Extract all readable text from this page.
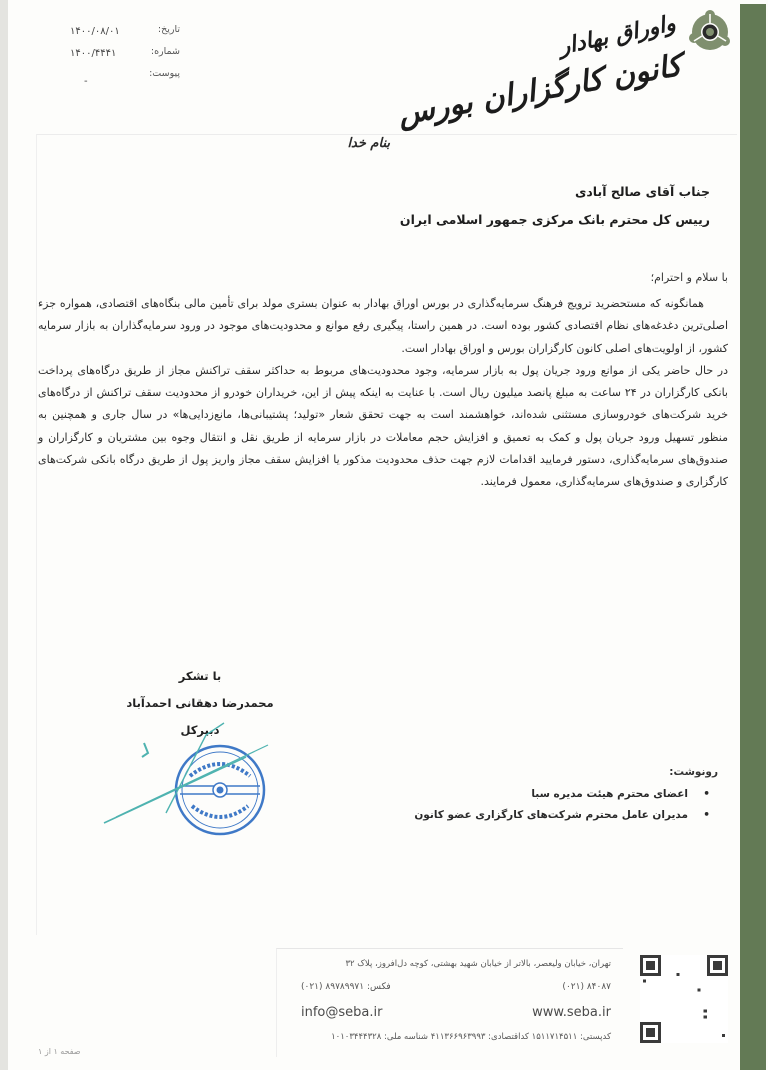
واوراق بهادار
کانون کارگزاران بورس
تاریخ:
۱۴۰۰/۰۸/۰۱
شماره:
۱۴۰۰/۴۴۴۱
پیوست:
-
بنام خدا
جناب آقای صالح آبادی
رییس کل محترم بانک مرکزی جمهور اسلامی ایران
با سلام و احترام؛

همانگونه که مستحضرید ترویج فرهنگ سرمایه‌گذاری در بورس اوراق بهادار به عنوان بستری مولد برای تأمین مالی بنگاه‌های اقتصادی، همواره جزء اصلی‌ترین دغدغه‌های نظام اقتصادی کشور بوده است. در همین راستا، پیگیری رفع موانع و محدودیت‌های موجود در ورود سرمایه‌گذاران به بازار سرمایه کشور، از اولویت‌های اصلی کانون کارگزاران بورس و اوراق بهادار است.

در حال حاضر یکی از موانع ورود جریان پول به بازار سرمایه، وجود محدودیت‌های مربوط به حداکثر سقف تراکنش مجاز از طریق درگاه‌های پرداخت بانکی کارگزاران در ۲۴ ساعت به مبلغ پانصد میلیون ریال است. با عنایت به اینکه پیش از این، خریداران خودرو از محدودیت سقف تراکنش از درگاه‌های خرید شرکت‌های خودروسازی مستثنی شده‌اند، خواهشمند است به جهت تحقق شعار «تولید؛ پشتیبانی‌ها، مانع‌زدایی‌ها» در سال جاری و همچنین به منظور تسهیل ورود جریان پول و کمک به تعمیق و افزایش حجم معاملات در بازار سرمایه از طریق نقل و انتقال وجوه بین مشتریان و کارگزاران و صندوق‌های سرمایه‌گذاری، دستور فرمایید اقدامات لازم جهت حذف محدودیت مذکور یا افزایش سقف مجاز واریز پول از طریق درگاه بانکی شرکت‌های کارگزاری و صندوق‌های سرمایه‌گذاری، معمول فرمایند.

با تشکر
محمدرضا دهقانی احمدآباد
دبیرکل
رونوشت:
• اعضای محترم هیئت مدیره سبا
• مدیران عامل محترم شرکت‌های کارگزاری عضو کانون
تهران، خیابان ولیعصر، بالاتر از خیابان شهید بهشتی، کوچه دل‌افروز، پلاک ۳۲
فکس: ۸۹۷۸۹۹۷۱ (۰۲۱)	۸۴۰۸۷ (۰۲۱)
info@seba.ir	www.seba.ir
کدپستی: ۱۵۱۱۷۱۴۵۱۱ کداقتصادی: ۴۱۱۳۶۶۹۶۳۹۹۳ شناسه ملی: ۱۰۱۰۳۴۴۴۳۲۸
صفحه ۱ از ۱
